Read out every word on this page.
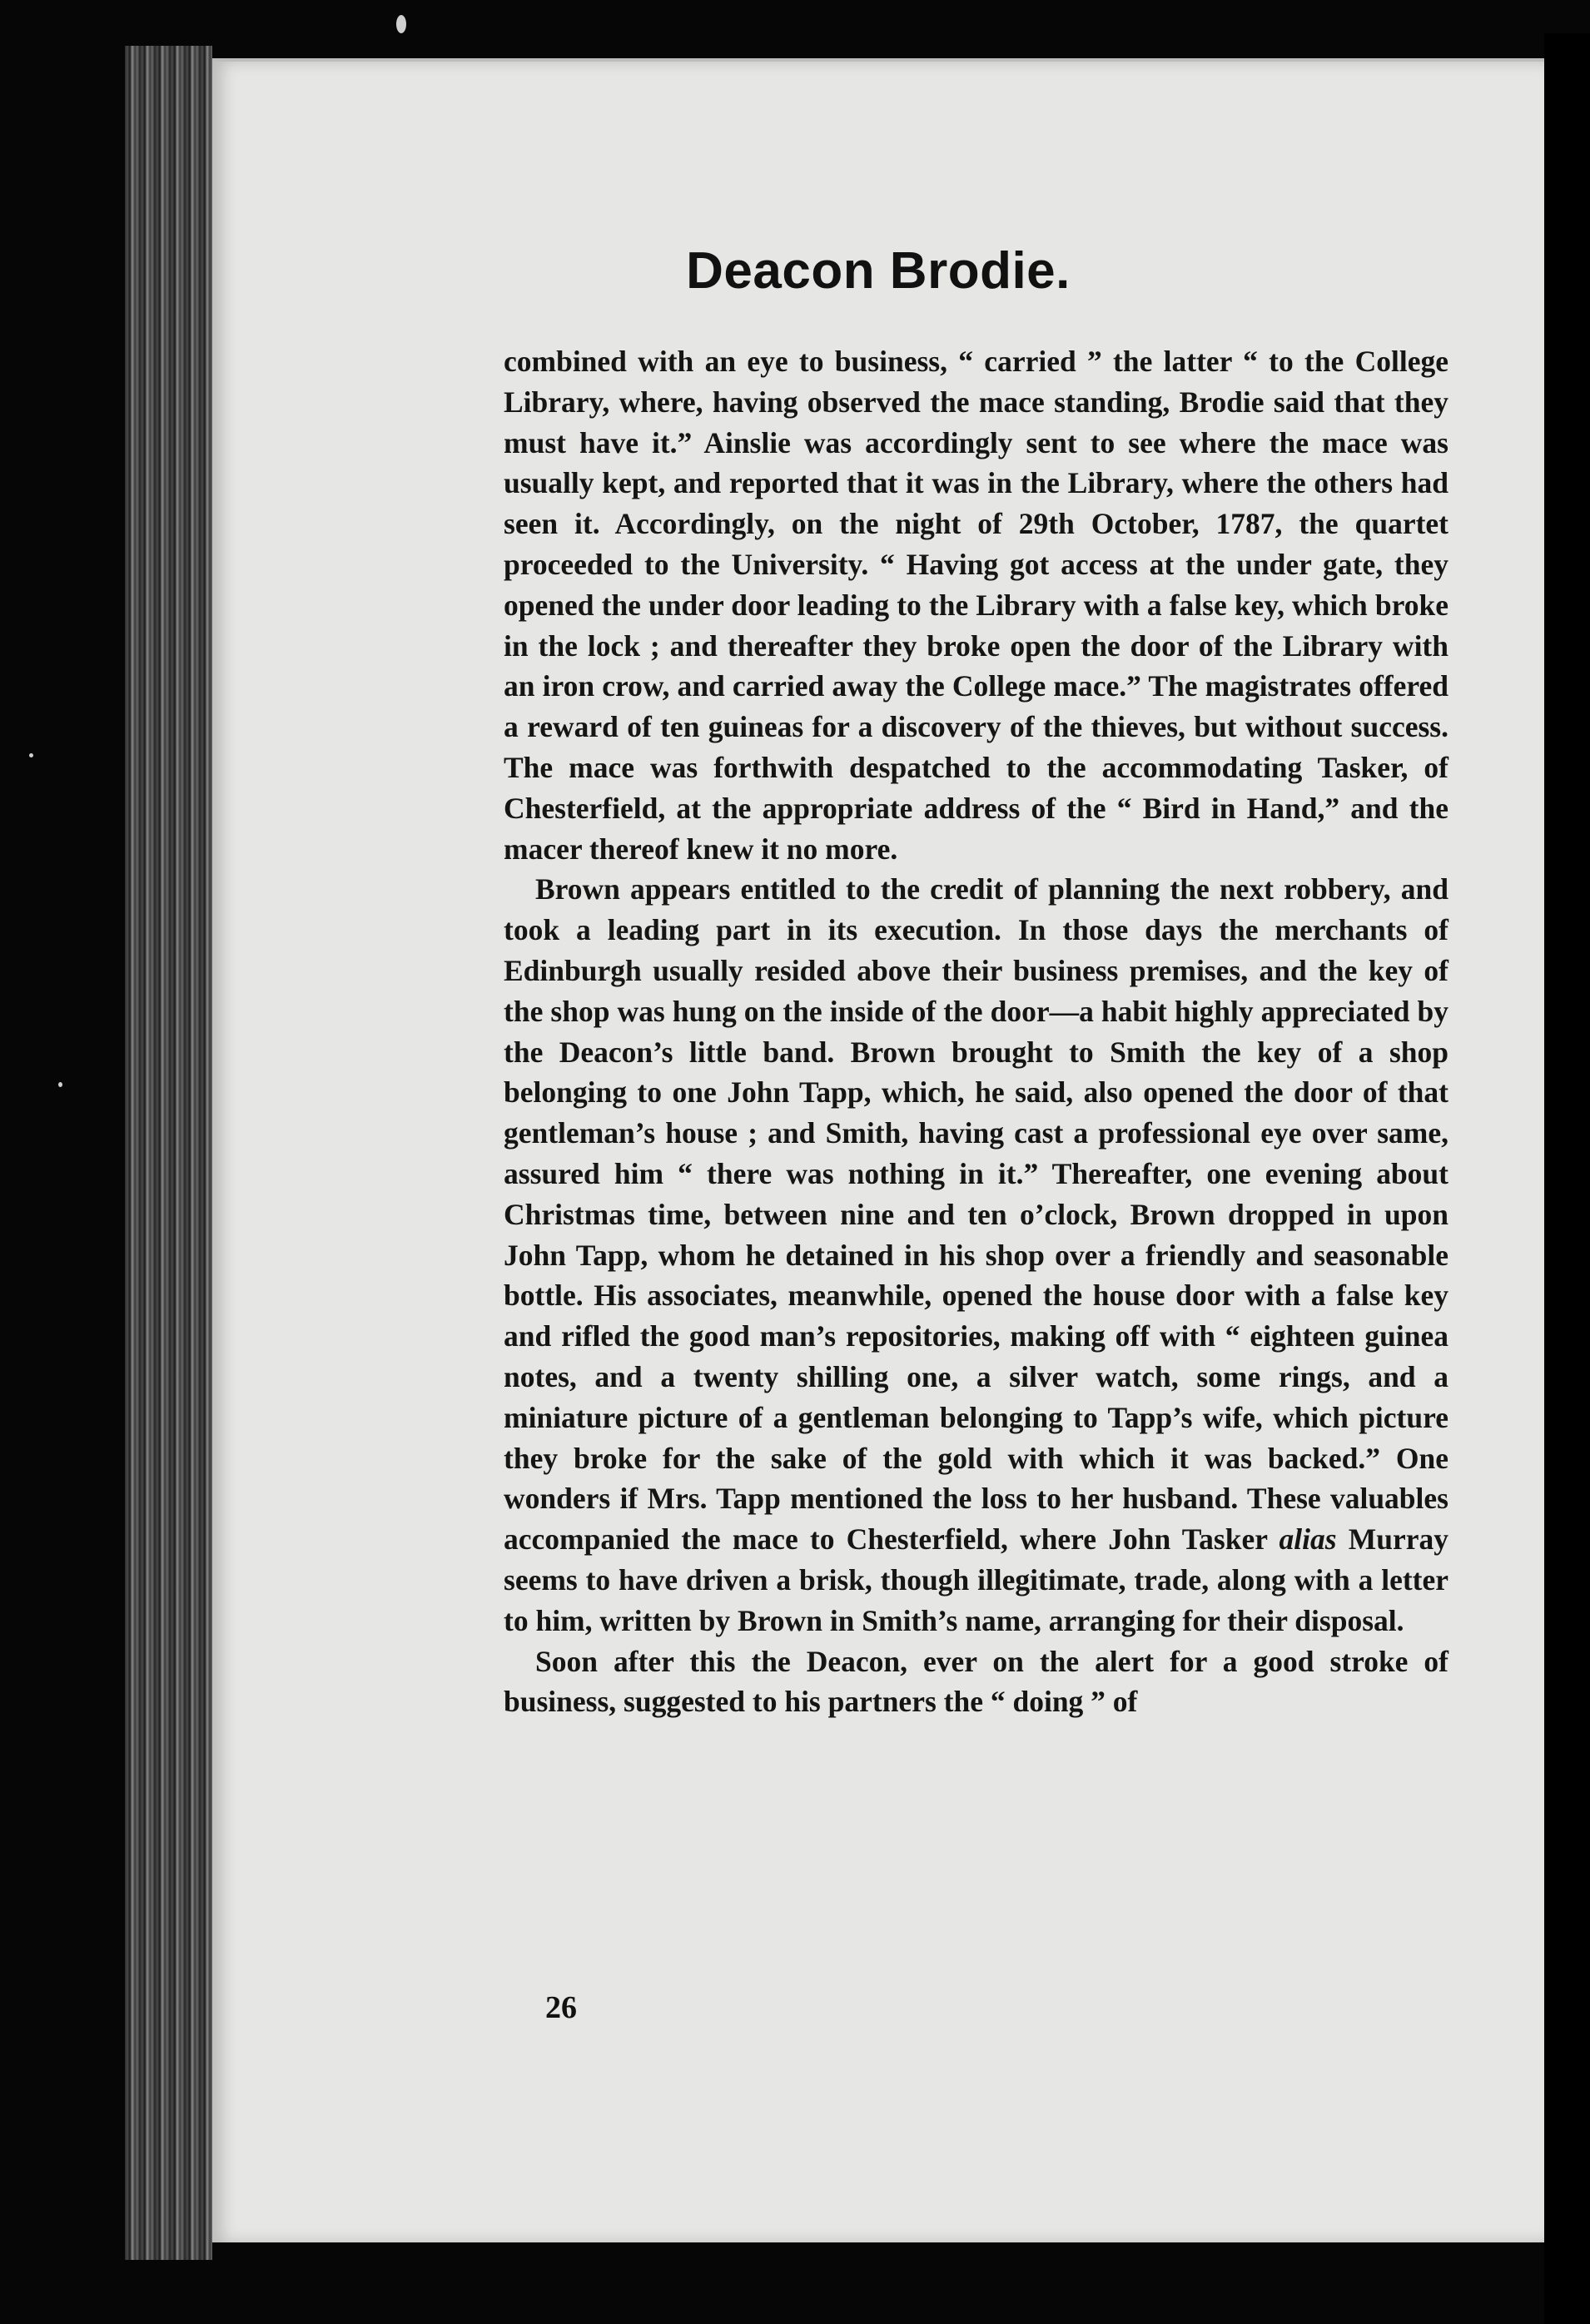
Deacon Brodie.

combined with an eye to business, “ carried ” the latter “ to the College Library, where, having observed the mace standing, Brodie said that they must have it.” Ainslie was accordingly sent to see where the mace was usually kept, and reported that it was in the Library, where the others had seen it. Accordingly, on the night of 29th October, 1787, the quartet proceeded to the University. “ Having got access at the under gate, they opened the under door leading to the Library with a false key, which broke in the lock ; and thereafter they broke open the door of the Library with an iron crow, and carried away the College mace.” The magistrates offered a reward of ten guineas for a discovery of the thieves, but without success. The mace was forthwith despatched to the accommodating Tasker, of Chesterfield, at the appropriate address of the “ Bird in Hand,” and the macer thereof knew it no more.

Brown appears entitled to the credit of planning the next robbery, and took a leading part in its execution. In those days the merchants of Edinburgh usually resided above their business premises, and the key of the shop was hung on the inside of the door—a habit highly appreciated by the Deacon’s little band. Brown brought to Smith the key of a shop belonging to one John Tapp, which, he said, also opened the door of that gentleman’s house ; and Smith, having cast a professional eye over same, assured him “ there was nothing in it.” Thereafter, one evening about Christmas time, between nine and ten o’clock, Brown dropped in upon John Tapp, whom he detained in his shop over a friendly and seasonable bottle. His associates, meanwhile, opened the house door with a false key and rifled the good man’s repositories, making off with “ eighteen guinea notes, and a twenty shilling one, a silver watch, some rings, and a miniature picture of a gentleman belonging to Tapp’s wife, which picture they broke for the sake of the gold with which it was backed.” One wonders if Mrs. Tapp mentioned the loss to her husband. These valuables accompanied the mace to Chesterfield, where John Tasker alias Murray seems to have driven a brisk, though illegitimate, trade, along with a letter to him, written by Brown in Smith’s name, arranging for their disposal.

Soon after this the Deacon, ever on the alert for a good stroke of business, suggested to his partners the “ doing ” of

26
